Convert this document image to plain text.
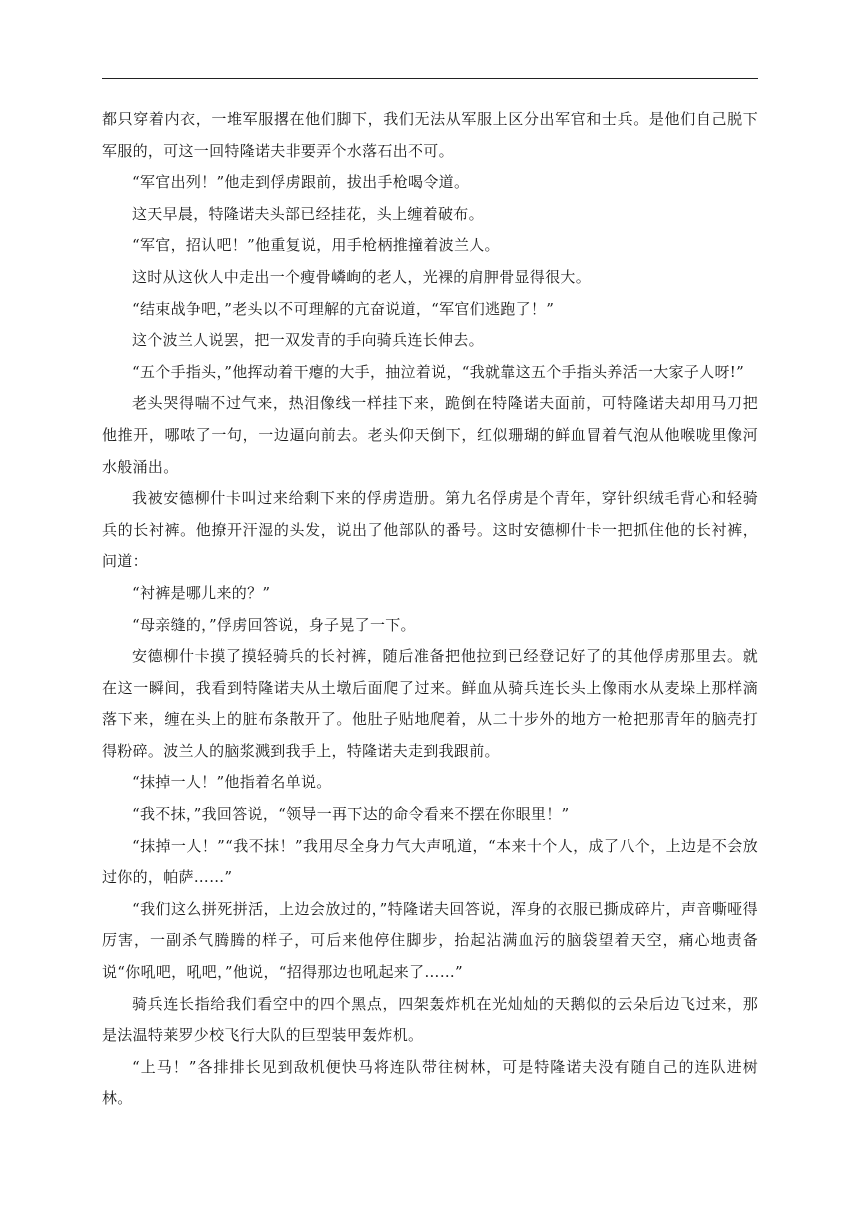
都只穿着内衣，一堆军服撂在他们脚下，我们无法从军服上区分出军官和士兵。是他们自己脱下军服的，可这一回特隆诺夫非要弄个水落石出不可。

“军官出列！”他走到俘虏跟前，拔出手枪喝令道。

这天早晨，特隆诺夫头部已经挂花，头上缠着破布。

“军官，招认吧！”他重复说，用手枪柄推撞着波兰人。

这时从这伙人中走出一个瘦骨嶙峋的老人，光裸的肩胛骨显得很大。

“结束战争吧，”老头以不可理解的亢奋说道，“军官们逃跑了！”

这个波兰人说罢，把一双发青的手向骑兵连长伸去。

“五个手指头，”他挥动着干瘪的大手，抽泣着说，“我就靠这五个手指头养活一大家子人呀!”

老头哭得喘不过气来，热泪像线一样挂下来，跪倒在特隆诺夫面前，可特隆诺夫却用马刀把他推开，哪哝了一句，一边逼向前去。老头仰天倒下，红似珊瑚的鲜血冒着气泡从他喉咙里像河水般涌出。

我被安德柳什卡叫过来给剩下来的俘虏造册。第九名俘虏是个青年，穿针织绒毛背心和轻骑兵的长衬裤。他撩开汗湿的头发，说出了他部队的番号。这时安德柳什卡一把抓住他的长衬裤，问道：

“衬裤是哪儿来的？”

“母亲缝的，”俘虏回答说，身子晃了一下。

安德柳什卡摸了摸轻骑兵的长衬裤，随后准备把他拉到已经登记好了的其他俘虏那里去。就在这一瞬间，我看到特隆诺夫从土墩后面爬了过来。鲜血从骑兵连长头上像雨水从麦垛上那样滴落下来，缠在头上的脏布条散开了。他肚子贴地爬着，从二十步外的地方一枪把那青年的脑壳打得粉碎。波兰人的脑浆溅到我手上，特隆诺夫走到我跟前。

“抹掉一人！”他指着名单说。

“我不抹，”我回答说，“领导一再下达的命令看来不摆在你眼里！”

“抹掉一人！”“我不抹！”我用尽全身力气大声吼道，“本来十个人，成了八个，上边是不会放过你的，帕萨……”

“我们这么拼死拼活，上边会放过的，”特隆诺夫回答说，浑身的衣服已撕成碎片，声音嘶哑得厉害，一副杀气腾腾的样子，可后来他停住脚步，抬起沾满血污的脑袋望着天空，痛心地责备说“你吼吧，吼吧，”他说，“招得那边也吼起来了……”

骑兵连长指给我们看空中的四个黑点，四架轰炸机在光灿灿的天鹅似的云朵后边飞过来，那是法温特莱罗少校飞行大队的巨型装甲轰炸机。

“上马！”各排排长见到敌机便快马将连队带往树林，可是特隆诺夫没有随自己的连队进树林。
